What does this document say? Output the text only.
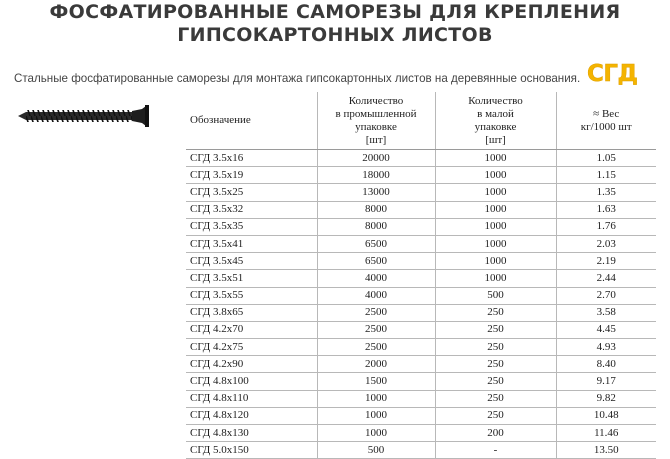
ФОСФАТИРОВАННЫЕ САМОРЕЗЫ ДЛЯ КРЕПЛЕНИЯ
ГИПСОКАРТОННЫХ ЛИСТОВ
Стальные фосфатированные саморезы для монтажа гипсокартонных листов на деревянные основания. СГД
Обозначение	Количество
в промышленной
упаковке
[шт]	Количество
в малой
упаковке
[шт]	≈ Вес
кг/1000 шт
СГД 3.5х16	20000	1000	1.05
СГД 3.5х19	18000	1000	1.15
СГД 3.5х25	13000	1000	1.35
СГД 3.5х32	8000	1000	1.63
СГД 3.5х35	8000	1000	1.76
СГД 3.5х41	6500	1000	2.03
СГД 3.5х45	6500	1000	2.19
СГД 3.5х51	4000	1000	2.44
СГД 3.5х55	4000	500	2.70
СГД 3.8х65	2500	250	3.58
СГД 4.2х70	2500	250	4.45
СГД 4.2х75	2500	250	4.93
СГД 4.2х90	2000	250	8.40
СГД 4.8х100	1500	250	9.17
СГД 4.8х110	1000	250	9.82
СГД 4.8х120	1000	250	10.48
СГД 4.8х130	1000	200	11.46
СГД 5.0х150	500	-	13.50
